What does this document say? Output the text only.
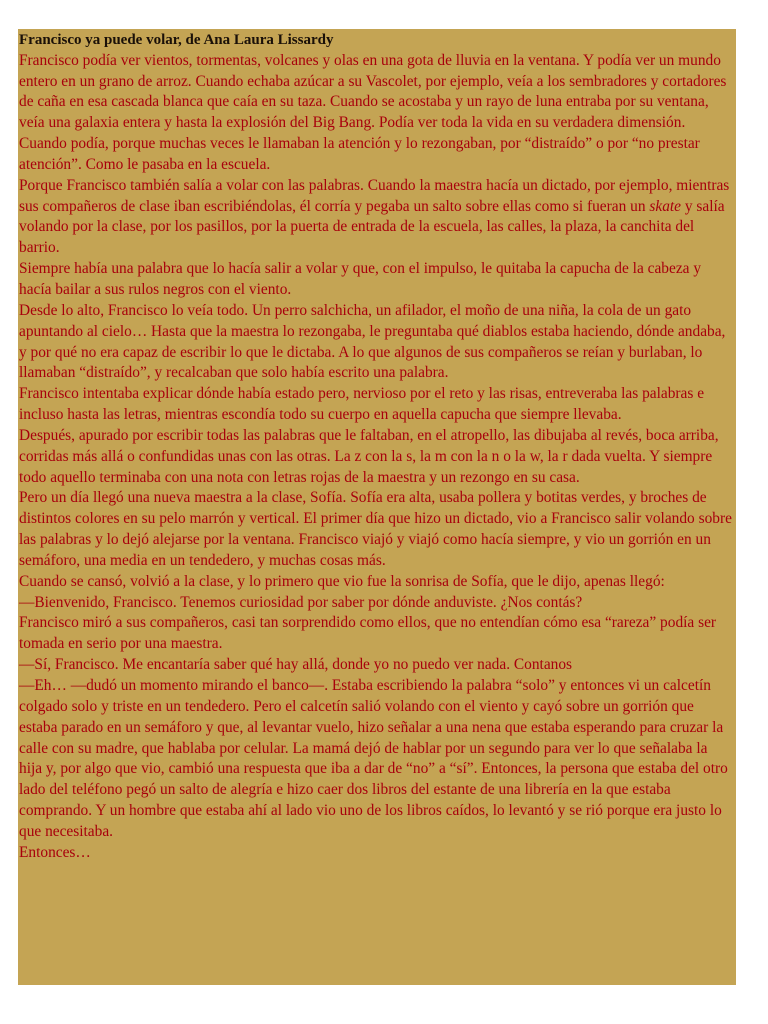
Francisco ya puede volar, de Ana Laura Lissardy

Francisco podía ver vientos, tormentas, volcanes y olas en una gota de lluvia en la ventana. Y podía ver un mundo entero en un grano de arroz. Cuando echaba azúcar a su Vascolet, por ejemplo, veía a los sembradores y cortadores de caña en esa cascada blanca que caía en su taza. Cuando se acostaba y un rayo de luna entraba por su ventana, veía una galaxia entera y hasta la explosión del Big Bang. Podía ver toda la vida en su verdadera dimensión.

Cuando podía, porque muchas veces le llamaban la atención y lo rezongaban, por “distraído” o por “no prestar atención”. Como le pasaba en la escuela.

Porque Francisco también salía a volar con las palabras. Cuando la maestra hacía un dictado, por ejemplo, mientras sus compañeros de clase iban escribiéndolas, él corría y pegaba un salto sobre ellas como si fueran un skate y salía volando por la clase, por los pasillos, por la puerta de entrada de la escuela, las calles, la plaza, la canchita del barrio.

Siempre había una palabra que lo hacía salir a volar y que, con el impulso, le quitaba la capucha de la cabeza y hacía bailar a sus rulos negros con el viento.

Desde lo alto, Francisco lo veía todo. Un perro salchicha, un afilador, el moño de una niña, la cola de un gato apuntando al cielo… Hasta que la maestra lo rezongaba, le preguntaba qué diablos estaba haciendo, dónde andaba, y por qué no era capaz de escribir lo que le dictaba. A lo que algunos de sus compañeros se reían y burlaban, lo llamaban “distraído”, y recalcaban que solo había escrito una palabra.

Francisco intentaba explicar dónde había estado pero, nervioso por el reto y las risas, entreveraba las palabras e incluso hasta las letras, mientras escondía todo su cuerpo en aquella capucha que siempre llevaba.

Después, apurado por escribir todas las palabras que le faltaban, en el atropello, las dibujaba al revés, boca arriba, corridas más allá o confundidas unas con las otras. La z con la s, la m con la n o la w, la r dada vuelta. Y siempre todo aquello terminaba con una nota con letras rojas de la maestra y un rezongo en su casa.

Pero un día llegó una nueva maestra a la clase, Sofía. Sofía era alta, usaba pollera y botitas verdes, y broches de distintos colores en su pelo marrón y vertical. El primer día que hizo un dictado, vio a Francisco salir volando sobre las palabras y lo dejó alejarse por la ventana. Francisco viajó y viajó como hacía siempre, y vio un gorrión en un semáforo, una media en un tendedero, y muchas cosas más.

Cuando se cansó, volvió a la clase, y lo primero que vio fue la sonrisa de Sofía, que le dijo, apenas llegó:

—Bienvenido, Francisco. Tenemos curiosidad por saber por dónde anduviste. ¿Nos contás?

Francisco miró a sus compañeros, casi tan sorprendido como ellos, que no entendían cómo esa “rareza” podía ser tomada en serio por una maestra.

—Sí, Francisco. Me encantaría saber qué hay allá, donde yo no puedo ver nada. Contanos

—Eh… —dudó un momento mirando el banco—. Estaba escribiendo la palabra “solo” y entonces vi un calcetín colgado solo y triste en un tendedero. Pero el calcetín salió volando con el viento y cayó sobre un gorrión que estaba parado en un semáforo y que, al levantar vuelo, hizo señalar a una nena que estaba esperando para cruzar la calle con su madre, que hablaba por celular. La mamá dejó de hablar por un segundo para ver lo que señalaba la hija y, por algo que vio, cambió una respuesta que iba a dar de “no” a “sí”. Entonces, la persona que estaba del otro lado del teléfono pegó un salto de alegría e hizo caer dos libros del estante de una librería en la que estaba comprando. Y un hombre que estaba ahí al lado vio uno de los libros caídos, lo levantó y se rió porque era justo lo que necesitaba.

Entonces…
